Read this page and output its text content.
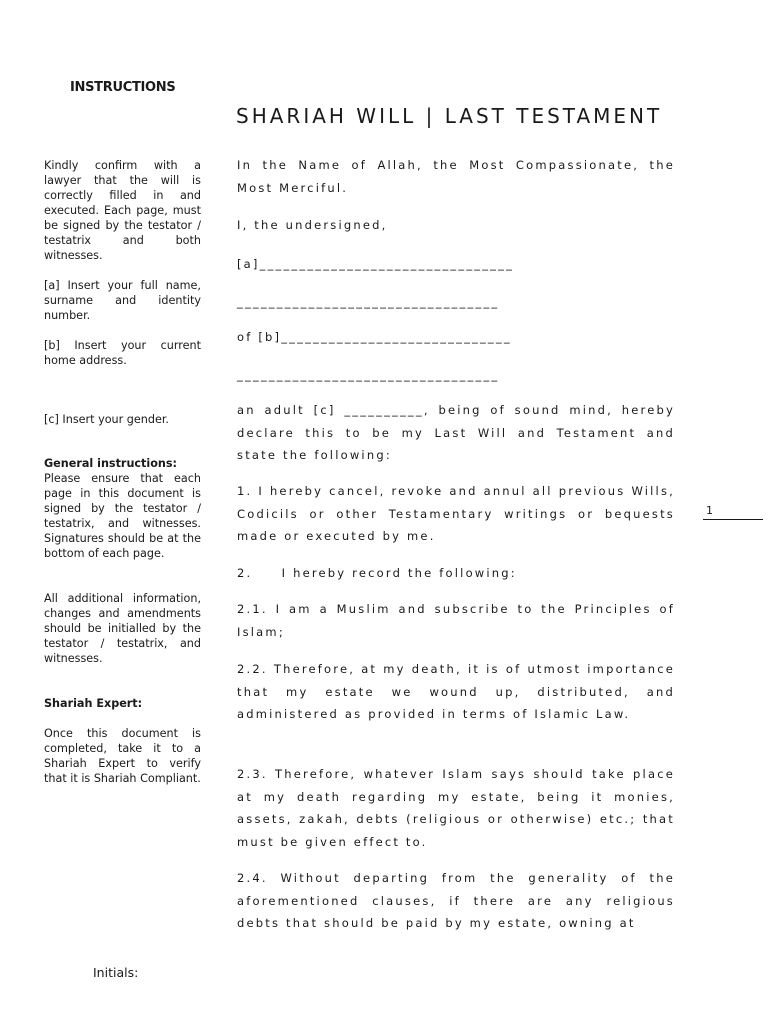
INSTRUCTIONS
SHARIAH WILL | LAST TESTAMENT
Kindly confirm with a lawyer that the will is correctly filled in and executed. Each page, must be signed by the testator / testatrix and both witnesses.
[a] Insert your full name, surname and identity number.
[b] Insert your current home address.
[c] Insert your gender.

General instructions:

Please ensure that each page in this document is signed by the testator / testatrix, and witnesses. Signatures should be at the bottom of each page.

All additional information, changes and amendments should be initialled by the testator / testatrix, and witnesses.
Shariah Expert:
Once this document is completed, take it to a Shariah Expert to verify that it is Shariah Compliant.
In the Name of Allah, the Most Compassionate, the Most Merciful.
I, the undersigned,
[a]________________________________
_________________________________
of [b]_____________________________
_________________________________
an adult [c] __________, being of sound mind, hereby declare this to be my Last Will and Testament and state the following:
1. I hereby cancel, revoke and annul all previous Wills, Codicils or other Testamentary writings or bequests made or executed by me.
2.     I hereby record the following:
2.1. I am a Muslim and subscribe to the Principles of Islam;
2.2. Therefore, at my death, it is of utmost importance that my estate we wound up, distributed, and administered as provided in terms of Islamic Law.
2.3. Therefore, whatever Islam says should take place at my death regarding my estate, being it monies, assets, zakah, debts (religious or otherwise) etc.; that must be given effect to.
2.4. Without departing from the generality of the aforementioned clauses, if there are any religious debts that should be paid by my estate, owning at
1
Initials:
